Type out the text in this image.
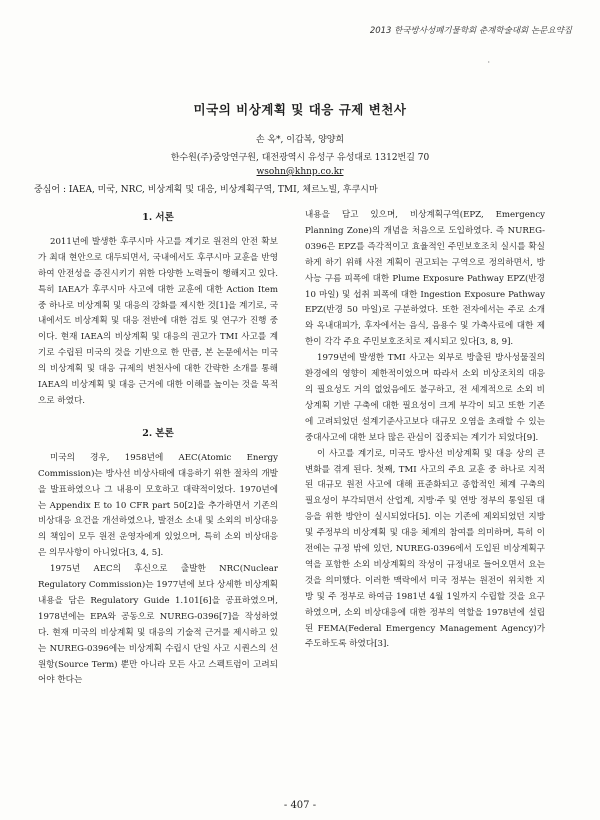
2013 한국방사성폐기물학회 춘계학술대회 논문요약집
·
미국의 비상계획 및 대응 규제 변천사
손 옥*, 이갑복, 양양희
한수원(주)중앙연구원, 대전광역시 유성구 유성대로 1312번길 70
wsohn@khnp.co.kr
중심어 : IAEA, 미국, NRC, 비상계획 및 대응, 비상계획구역, TMI, 체르노빌, 후쿠시마
1. 서론

2011년에 발생한 후쿠시마 사고를 계기로 원전의 안전 확보가 최대 현안으로 대두되면서, 국내에서도 후쿠시마 교훈을 반영하여 안전성을 증진시키기 위한 다양한 노력들이 행해지고 있다. 특히 IAEA가 후쿠시마 사고에 대한 교훈에 대한 Action Item 중 하나로 비상계획 및 대응의 강화를 제시한 것[1]을 계기로, 국내에서도 비상계획 및 대응 전반에 대한 검토 및 연구가 진행 중이다. 현재 IAEA의 비상계획 및 대응의 권고가 TMI 사고를 계기로 수립된 미국의 것을 기반으로 한 만큼, 본 논문에서는 미국의 비상계획 및 대응 규제의 변천사에 대한 간략한 소개를 통해 IAEA의 비상계획 및 대응 근거에 대한 이해를 높이는 것을 목적으로 하였다.

2. 본론

미국의 경우, 1958년에 AEC(Atomic Energy Commission)는 방사선 비상사태에 대응하기 위한 절차의 개발을 발표하였으나 그 내용이 모호하고 대략적이었다. 1970년에는 Appendix E to 10 CFR part 50[2]을 추가하면서 기존의 비상대응 요건을 개선하였으나, 발전소 소내 및 소외의 비상대응의 책임이 모두 원전 운영자에게 있었으며, 특히 소외 비상대응은 의무사항이 아니었다[3, 4, 5].

1975년 AEC의 후신으로 출발한 NRC(Nuclear Regulatory Commission)는 1977년에 보다 상세한 비상계획 내용을 담은 Regulatory Guide 1.101[6]을 공표하였으며, 1978년에는 EPA와 공동으로 NUREG-0396[7]을 작성하였다. 현재 미국의 비상계획 및 대응의 기술적 근거를 제시하고 있는 NUREG-0396에는 비상계획 수립시 단일 사고 시퀀스의 선원항(Source Term) 뿐만 아니라 모든 사고 스펙트럼이 고려되어야 한다는

내용을 담고 있으며, 비상계획구역(EPZ, Emergency Planning Zone)의 개념을 처음으로 도입하였다. 즉 NUREG-0396은 EPZ를 즉각적이고 효율적인 주민보호조치 실시를 확실하게 하기 위해 사전 계획이 권고되는 구역으로 정의하면서, 방사능 구름 피폭에 대한 Plume Exposure Pathway EPZ(반경 10 마일) 및 섭취 피폭에 대한 Ingestion Exposure Pathway EPZ(반경 50 마일)로 구분하였다. 또한 전자에서는 주로 소개 와 옥내대피가, 후자에서는 음식, 음용수 및 가축사료에 대한 제한이 각각 주요 주민보호조치로 제시되고 있다[3, 8, 9].

1979년에 발생한 TMI 사고는 외부로 방출된 방사성물질의 환경에의 영향이 제한적이었으며 따라서 소외 비상조치의 대응의 필요성도 거의 없었음에도 불구하고, 전 세계적으로 소외 비상계획 기반 구축에 대한 필요성이 크게 부각이 되고 또한 기존에 고려되었던 설계기준사고보다 대규모 오염을 초래할 수 있는 중대사고에 대한 보다 많은 관심이 집중되는 계기가 되었다[9].

이 사고를 계기로, 미국도 방사선 비상계획 및 대응 상의 큰 변화를 겪게 된다. 첫째, TMI 사고의 주요 교훈 중 하나로 지적된 대규모 원전 사고에 대해 표준화되고 종합적인 체계 구축의 필요성이 부각되면서 산업계, 지방·주 및 연방 정부의 통일된 대응을 위한 방안이 실시되었다[5]. 이는 기존에 제외되었던 지방 및 주정부의 비상계획 및 대응 체계의 참여를 의미하며, 특히 이전에는 규정 밖에 있던, NUREG-0396에서 도입된 비상계획구역을 포함한 소외 비상계획의 작성이 규정내로 들어오면서 요는 것을 의미했다. 이러한 맥락에서 미국 정부는 원전이 위치한 지방 및 주 정부로 하여금 1981년 4월 1일까지 수립할 것을 요구하였으며, 소외 비상대응에 대한 정부의 역할을 1978년에 설립된 FEMA(Federal Emergency Management Agency)가 주도하도록 하였다[3].

- 407 -
